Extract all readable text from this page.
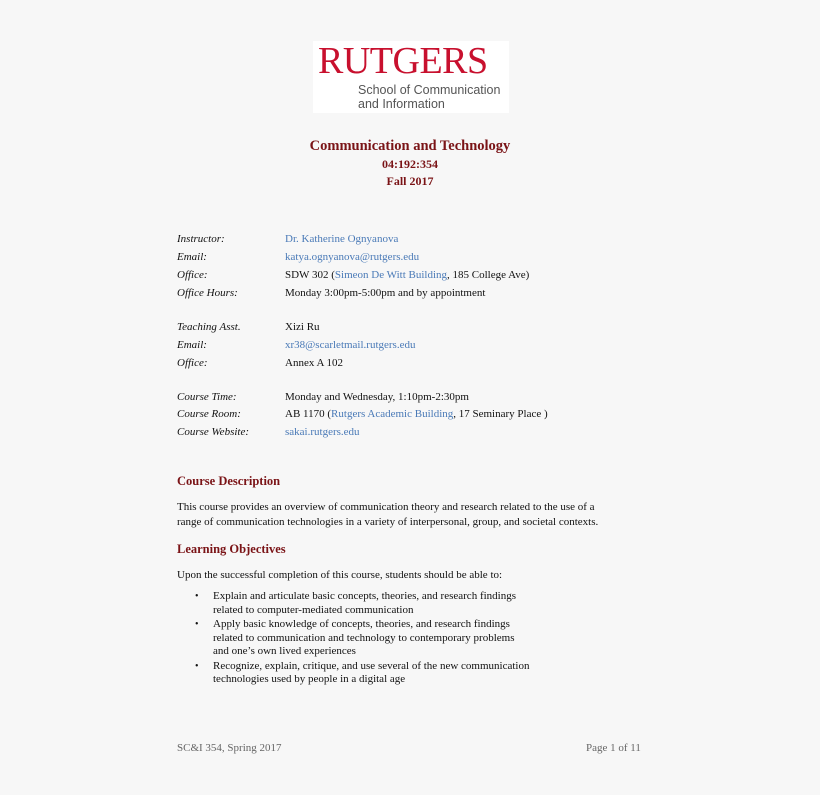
RUTGERS
School of Communication
and Information
Communication and Technology
04:192:354
Fall 2017
Instructor:	Dr. Katherine Ognyanova
Email:	katya.ognyanova@rutgers.edu
Office:	SDW 302 (Simeon De Witt Building, 185 College Ave)
Office Hours:	Monday 3:00pm-5:00pm and by appointment
Teaching Asst.	Xizi Ru
Email:	xr38@scarletmail.rutgers.edu
Office:	Annex A 102
Course Time:	Monday and Wednesday, 1:10pm-2:30pm
Course Room:	AB 1170 (Rutgers Academic Building, 17 Seminary Place )
Course Website:	sakai.rutgers.edu
Course Description
This course provides an overview of communication theory and research related to the use of a
range of communication technologies in a variety of interpersonal, group, and societal contexts.
Learning Objectives
Upon the successful completion of this course, students should be able to:
• Explain and articulate basic concepts, theories, and research findings
related to computer-mediated communication
• Apply basic knowledge of concepts, theories, and research findings
related to communication and technology to contemporary problems
and one’s own lived experiences
• Recognize, explain, critique, and use several of the new communication
technologies used by people in a digital age
SC&I 354, Spring 2017	Page 1 of 11
